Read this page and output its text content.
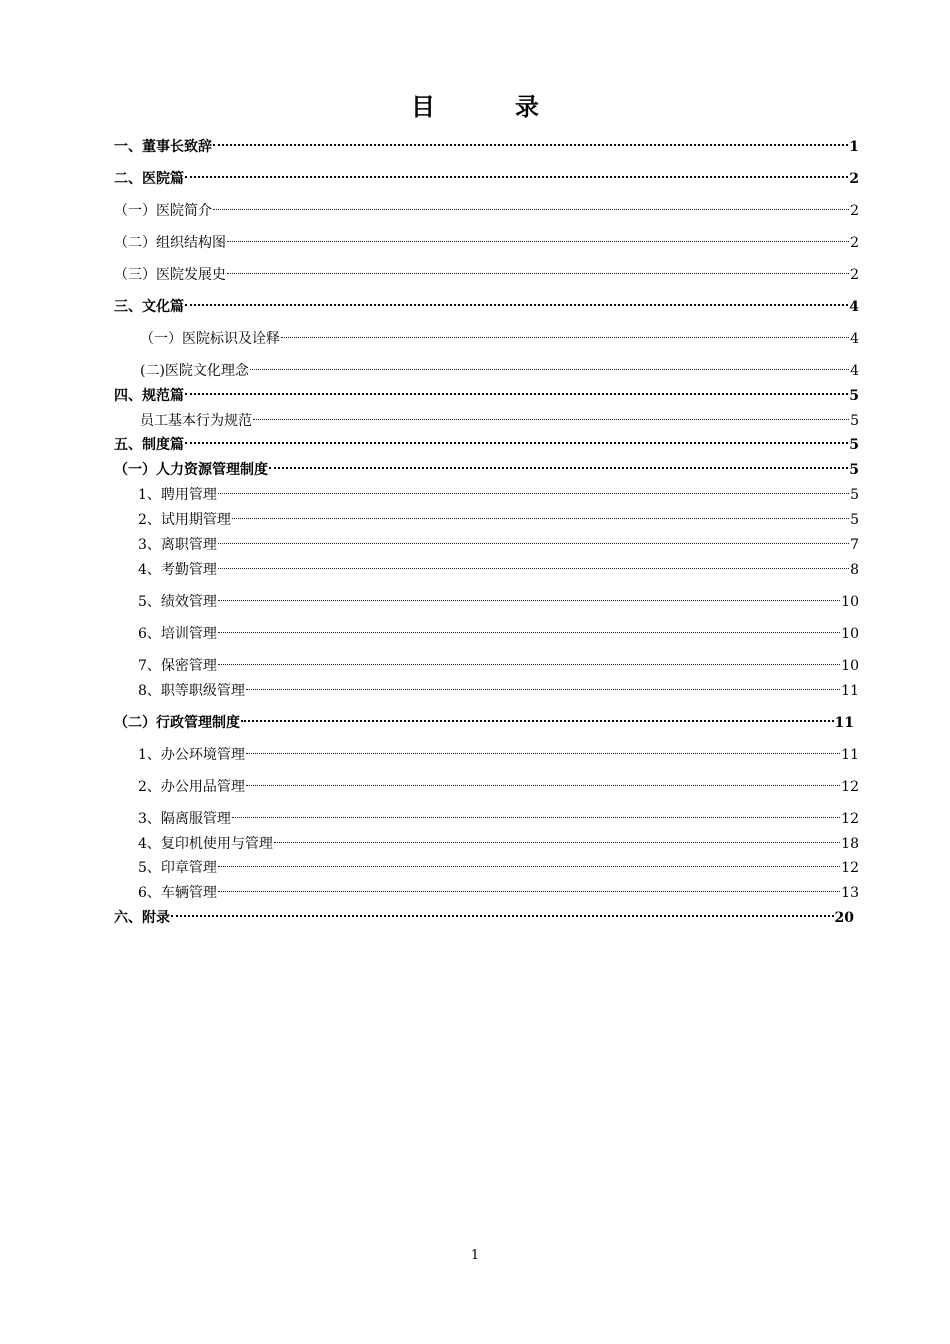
目　录
一、董事长致辞	1
二、医院篇	2
（一）医院简介	2
（二）组织结构图	2
（三）医院发展史	2
三、文化篇	4
（一）医院标识及诠释	4
(二)医院文化理念	4
四、规范篇	5
员工基本行为规范	5
五、制度篇	5
（一）人力资源管理制度	5
1、聘用管理	5
2、试用期管理	5
3、离职管理	7
4、考勤管理	8
5、绩效管理	10
6、培训管理	10
7、保密管理	10
8、职等职级管理	11
（二）行政管理制度	11
1、办公环境管理	11
2、办公用品管理	12
3、隔离服管理	12
4、复印机使用与管理	18
5、印章管理	12
6、车辆管理	13
六、附录	20
1
